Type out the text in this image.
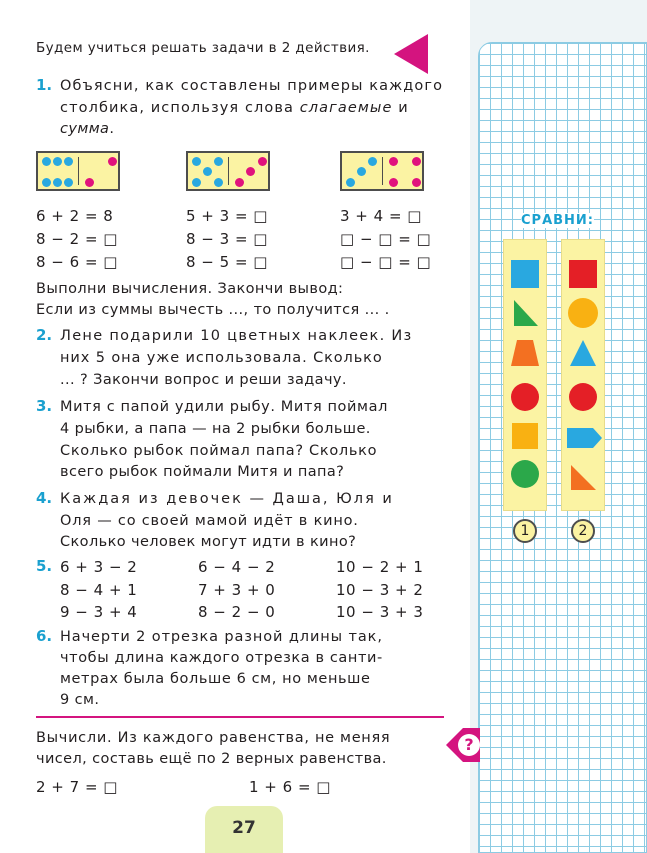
Будем учиться решать задачи в 2 действия.
1. Объясни, как составлены примеры каждого
столбика, используя слова слагаемые и
сумма.
6 + 2 = 8
8 − 2 = □
8 − 6 = □
5 + 3 = □
8 − 3 = □
8 − 5 = □
3 + 4 = □
□ − □ = □
□ − □ = □
Выполни вычисления. Закончи вывод:
Если из суммы вычесть ..., то получится ... .
2. Лене подарили 10 цветных наклеек. Из
них 5 она уже использовала. Сколько
... ? Закончи вопрос и реши задачу.
3. Митя с папой удили рыбу. Митя поймал
4 рыбки, а папа — на 2 рыбки больше.
Сколько рыбок поймал папа? Сколько
всего рыбок поймали Митя и папа?
4. Каждая из девочек — Даша, Юля и
Оля — со своей мамой идёт в кино.
Сколько человек могут идти в кино?
5. 6 + 3 − 2
8 − 4 + 1
9 − 3 + 4
6 − 4 − 2
7 + 3 + 0
8 − 2 − 0
10 − 2 + 1
10 − 3 + 2
10 − 3 + 3
6. Начерти 2 отрезка разной длины так,
чтобы длина каждого отрезка в санти-
метрах была больше 6 см, но меньше
9 см.
Вычисли. Из каждого равенства, не меняя
чисел, составь ещё по 2 верных равенства.
2 + 7 = □	1 + 6 = □
27
?
СРАВНИ:
1	2
